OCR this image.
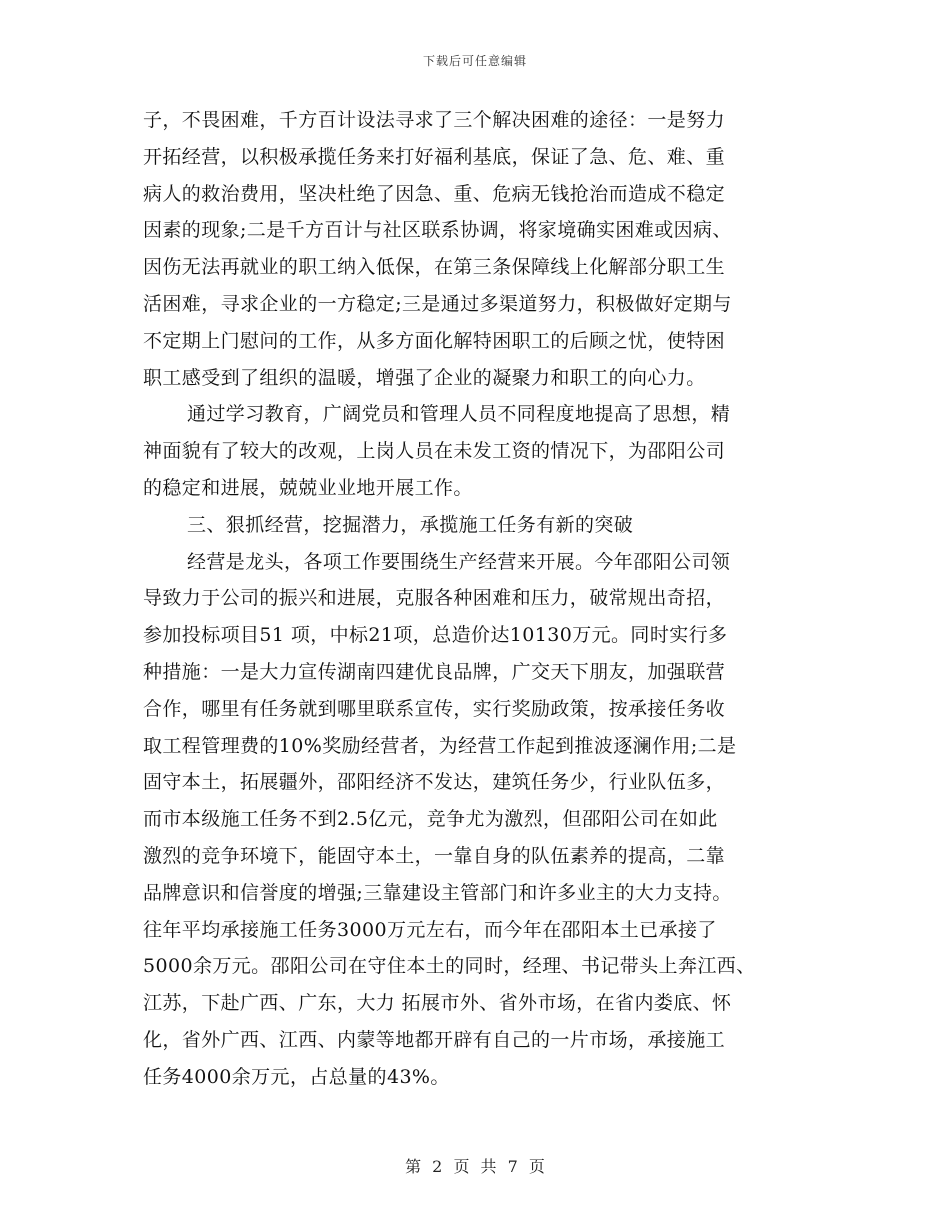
下载后可任意编辑
子，不畏困难，千方百计设法寻求了三个解决困难的途径：一是努力
开拓经营，以积极承揽任务来打好福利基底，保证了急、危、难、重
病人的救治费用，坚决杜绝了因急、重、危病无钱抢治而造成不稳定
因素的现象;二是千方百计与社区联系协调，将家境确实困难或因病、
因伤无法再就业的职工纳入低保，在第三条保障线上化解部分职工生
活困难，寻求企业的一方稳定;三是通过多渠道努力，积极做好定期与
不定期上门慰问的工作，从多方面化解特困职工的后顾之忧，使特困
职工感受到了组织的温暖，增强了企业的凝聚力和职工的向心力。
通过学习教育，广阔党员和管理人员不同程度地提高了思想，精
神面貌有了较大的改观，上岗人员在未发工资的情况下，为邵阳公司
的稳定和进展，兢兢业业地开展工作。
三、狠抓经营，挖掘潜力，承揽施工任务有新的突破
经营是龙头，各项工作要围绕生产经营来开展。今年邵阳公司领
导致力于公司的振兴和进展，克服各种困难和压力，破常规出奇招，
参加投标项目51 项，中标21项，总造价达10130万元。同时实行多
种措施：一是大力宣传湖南四建优良品牌，广交天下朋友，加强联营
合作，哪里有任务就到哪里联系宣传，实行奖励政策，按承接任务收
取工程管理费的10%奖励经营者，为经营工作起到推波逐澜作用;二是
固守本土，拓展疆外，邵阳经济不发达，建筑任务少，行业队伍多，
而市本级施工任务不到2.5亿元，竞争尤为激烈，但邵阳公司在如此
激烈的竞争环境下，能固守本土，一靠自身的队伍素养的提高，二靠
品牌意识和信誉度的增强;三靠建设主管部门和许多业主的大力支持。
往年平均承接施工任务3000万元左右，而今年在邵阳本土已承接了
5000余万元。邵阳公司在守住本土的同时，经理、书记带头上奔江西、
江苏，下赴广西、广东，大力 拓展市外、省外市场，在省内娄底、怀
化，省外广西、江西、内蒙等地都开辟有自己的一片市场，承接施工
任务4000余万元，占总量的43%。
第 2 页 共 7 页
